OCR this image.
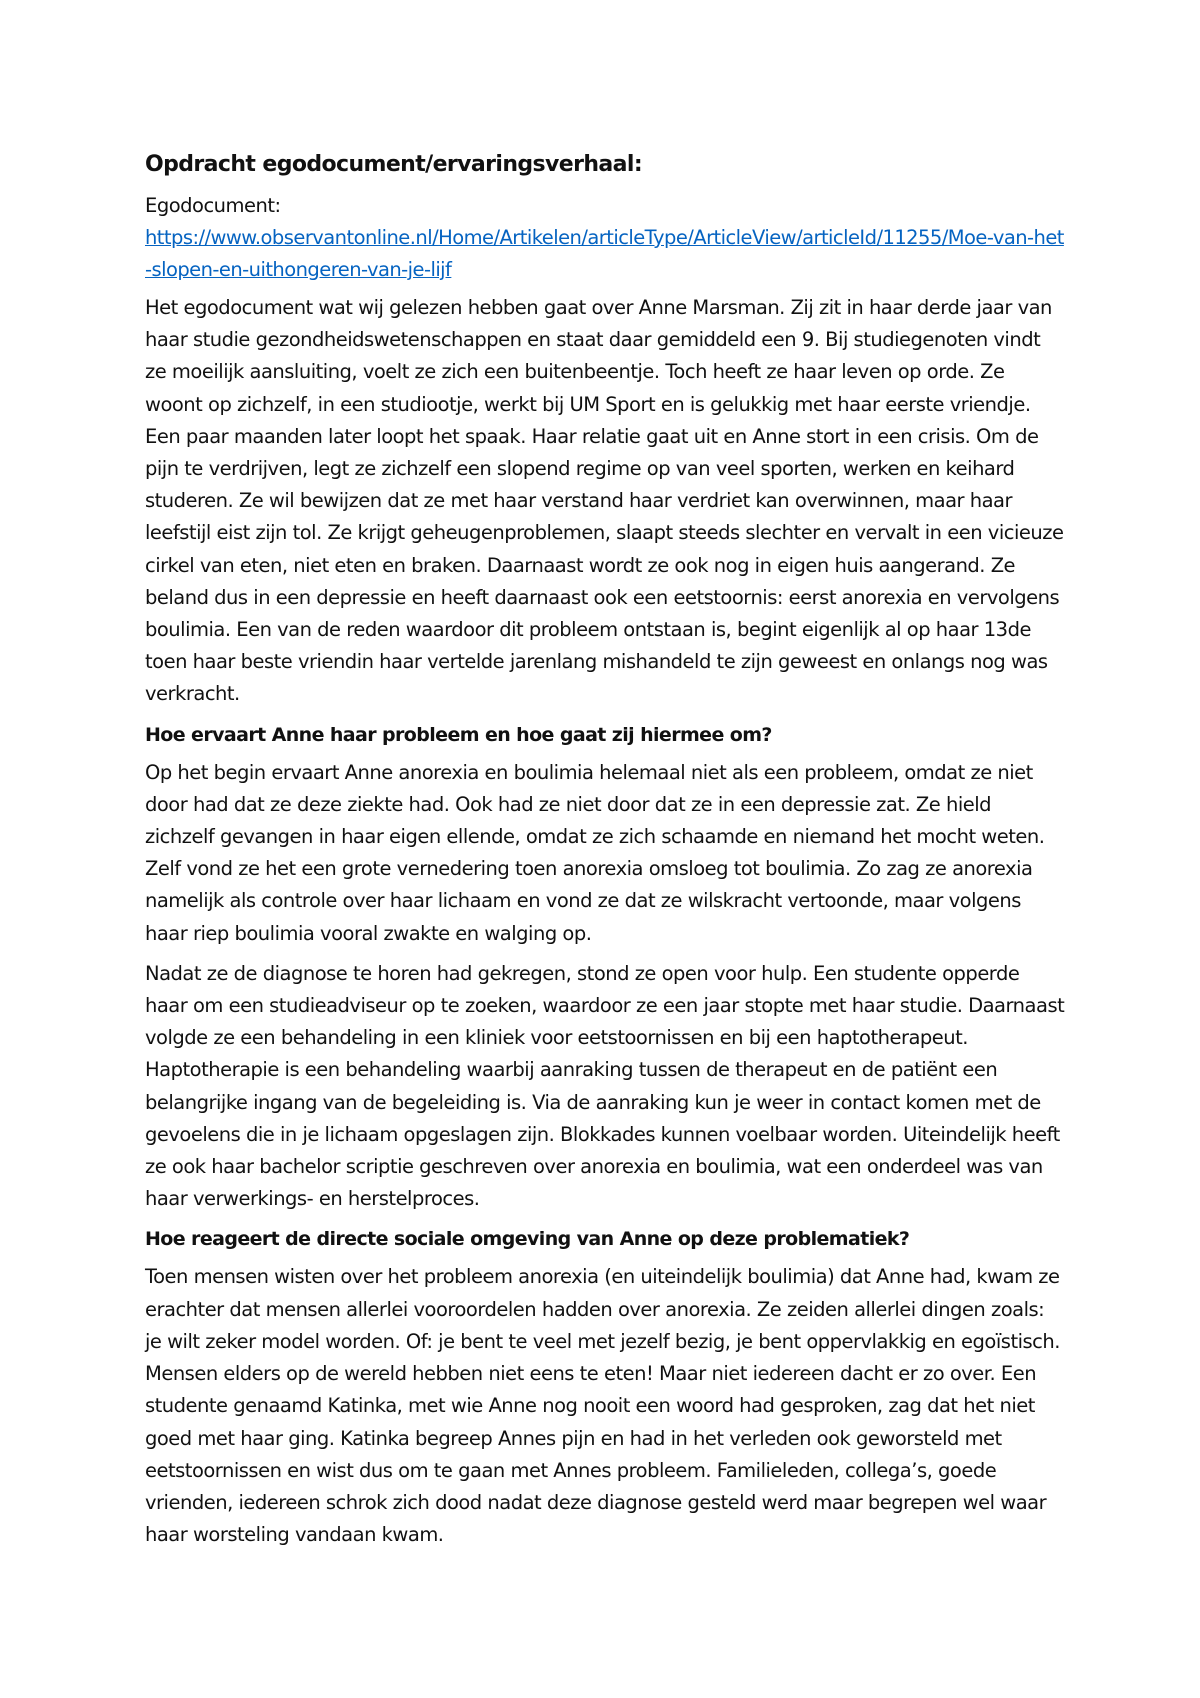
Opdracht egodocument/ervaringsverhaal:

Egodocument:

https://www.observantonline.nl/Home/Artikelen/articleType/ArticleView/articleId/11255/Moe-van-het-slopen-en-uithongeren-van-je-lijf

Het egodocument wat wij gelezen hebben gaat over Anne Marsman. Zij zit in haar derde jaar van haar studie gezondheidswetenschappen en staat daar gemiddeld een 9. Bij studiegenoten vindt ze moeilijk aansluiting, voelt ze zich een buitenbeentje. Toch heeft ze haar leven op orde. Ze woont op zichzelf, in een studiootje, werkt bij UM Sport en is gelukkig met haar eerste vriendje. Een paar maanden later loopt het spaak. Haar relatie gaat uit en Anne stort in een crisis. Om de pijn te verdrijven, legt ze zichzelf een slopend regime op van veel sporten, werken en keihard studeren. Ze wil bewijzen dat ze met haar verstand haar verdriet kan overwinnen, maar haar leefstijl eist zijn tol. Ze krijgt geheugenproblemen, slaapt steeds slechter en vervalt in een vicieuze cirkel van eten, niet eten en braken. Daarnaast wordt ze ook nog in eigen huis aangerand. Ze beland dus in een depressie en heeft daarnaast ook een eetstoornis: eerst anorexia en vervolgens boulimia. Een van de reden waardoor dit probleem ontstaan is, begint eigenlijk al op haar 13de toen haar beste vriendin haar vertelde jarenlang mishandeld te zijn geweest en onlangs nog was verkracht.

Hoe ervaart Anne haar probleem en hoe gaat zij hiermee om?

Op het begin ervaart Anne anorexia en boulimia helemaal niet als een probleem, omdat ze niet door had dat ze deze ziekte had. Ook had ze niet door dat ze in een depressie zat. Ze hield zichzelf gevangen in haar eigen ellende, omdat ze zich schaamde en niemand het mocht weten. Zelf vond ze het een grote vernedering toen anorexia omsloeg tot boulimia. Zo zag ze anorexia namelijk als controle over haar lichaam en vond ze dat ze wilskracht vertoonde, maar volgens haar riep boulimia vooral zwakte en walging op.

Nadat ze de diagnose te horen had gekregen, stond ze open voor hulp. Een studente opperde haar om een studieadviseur op te zoeken, waardoor ze een jaar stopte met haar studie. Daarnaast volgde ze een behandeling in een kliniek voor eetstoornissen en bij een haptotherapeut. Haptotherapie is een behandeling waarbij aanraking tussen de therapeut en de patiënt een belangrijke ingang van de begeleiding is. Via de aanraking kun je weer in contact komen met de gevoelens die in je lichaam opgeslagen zijn. Blokkades kunnen voelbaar worden. Uiteindelijk heeft ze ook haar bachelor scriptie geschreven over anorexia en boulimia, wat een onderdeel was van haar verwerkings- en herstelproces.

Hoe reageert de directe sociale omgeving van Anne op deze problematiek?

Toen mensen wisten over het probleem anorexia (en uiteindelijk boulimia) dat Anne had, kwam ze erachter dat mensen allerlei vooroordelen hadden over anorexia. Ze zeiden allerlei dingen zoals: je wilt zeker model worden. Of: je bent te veel met jezelf bezig, je bent oppervlakkig en egoïstisch. Mensen elders op de wereld hebben niet eens te eten! Maar niet iedereen dacht er zo over. Een studente genaamd Katinka, met wie Anne nog nooit een woord had gesproken, zag dat het niet goed met haar ging. Katinka begreep Annes pijn en had in het verleden ook geworsteld met eetstoornissen en wist dus om te gaan met Annes probleem. Familieleden, collega’s, goede vrienden, iedereen schrok zich dood nadat deze diagnose gesteld werd maar begrepen wel waar haar worsteling vandaan kwam.
